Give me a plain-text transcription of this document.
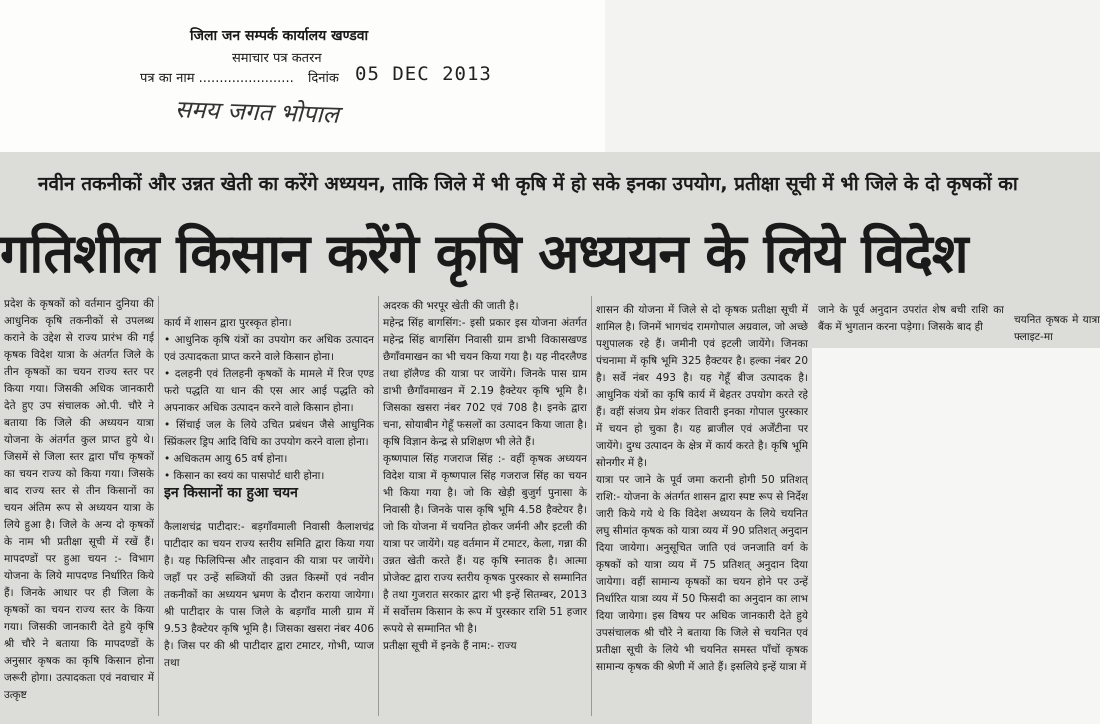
जिला जन सम्पर्क कार्यालय खण्डवा
समाचार पत्र कतरन
पत्र का नाम ....................... दिनांक 05 DEC 2013
समय जगत भोपाल
नवीन तकनीकों और उन्नत खेती का करेंगे अध्ययन, ताकि जिले में भी कृषि में हो सके इनका उपयोग, प्रतीक्षा सूची में भी जिले के दो कृषकों का
गतिशील किसान करेंगे कृषि अध्ययन के लिये विदेश
प्रदेश के कृषकों को वर्तमान दुनिया की आधुनिक कृषि तकनीकों से उपलब्ध कराने के उद्देश से राज्य प्रारंभ की गई कृषक विदेश यात्रा के अंतर्गत जिले के तीन कृषकों का चयन राज्य स्तर पर किया गया। जिसकी अधिक जानकारी देते हुए उप संचालक ओ.पी. चौरे ने बताया कि जिले की अध्ययन यात्रा योजना के अंतर्गत कुल प्राप्त हुये थे। जिसमें से जिला स्तर द्वारा पाँच कृषकों का चयन राज्य को किया गया। जिसके बाद राज्य स्तर से तीन किसानों का चयन अंतिम रूप से अध्ययन यात्रा के लिये हुआ है। जिले के अन्य दो कृषकों के नाम भी प्रतीक्षा सूची में रखें हैं। मापदण्डों पर हुआ चयन :- विभाग योजना के लिये मापदण्ड निर्धारित किये हैं। जिनके आधार पर ही जिला के कृषकों का चयन राज्य स्तर के किया गया। जिसकी जानकारी देते हुये कृषि श्री चौरे ने बताया कि मापदण्डों के अनुसार कृषक का कृषि किसान होना जरूरी होगा। उत्पादकता एवं नवाचार में उत्कृष्ट

कार्य में शासन द्वारा पुरस्कृत होना।
• आधुनिक कृषि यंत्रों का उपयोग कर अधिक उत्पादन एवं उत्पादकता प्राप्त करने वाले किसान होना।
• दलहनी एवं तिलहनी कृषकों के मामले में रिज एण्ड फरो पद्धति या धान की एस आर आई पद्धति को अपनाकर अधिक उत्पादन करने वाले किसान होना।
• सिंचाई जल के लिये उचित प्रबंधन जैसे आधुनिक स्प्रिंकलर ड्रिप आदि विधि का उपयोग करने वाला होना।
• अधिकतम आयु 65 वर्ष होना।
• किसान का स्वयं का पासपोर्ट धारी होना।

इन किसानों का हुआ चयन

कैलाशचंद्र पाटीदार:- बड़गाँवमाली निवासी कैलाशचंद्र पाटीदार का चयन राज्य स्तरीय समिति द्वारा किया गया है। यह फिलिपिन्स और ताइवान की यात्रा पर जायेंगे। जहाँ पर उन्हें सब्जियों की उन्नत किस्मों एवं नवीन तकनीकों का अध्ययन भ्रमण के दौरान कराया जायेगा। श्री पाटीदार के पास जिले के बड़गाँव माली ग्राम में 9.53 हैक्टेयर कृषि भूमि है। जिसका खसरा नंबर 406 है। जिस पर की श्री पाटीदार द्वारा टमाटर, गोभी, प्याज तथा

अदरक की भरपूर खेती की जाती है।
महेन्द्र सिंह बागसिंग:- इसी प्रकार इस योजना अंतर्गत महेन्द्र सिंह बागसिंग निवासी ग्राम डाभी विकासखण्ड छैगाँवमाखन का भी चयन किया गया है। यह नीदरलैण्ड तथा हॉलैण्ड की यात्रा पर जायेंगे। जिनके पास ग्राम डाभी छैगाँवमाखन में 2.19 हैक्टेयर कृषि भूमि है। जिसका खसरा नंबर 702 एवं 708 है। इनके द्वारा चना, सोयाबीन गेहूँ फसलों का उत्पादन किया जाता है। कृषि विज्ञान केन्द्र से प्रशिक्षण भी लेते हैं।
कृष्णपाल सिंह गजराज सिंह :- वहीं कृषक अध्ययन विदेश यात्रा में कृष्णपाल सिंह गजराज सिंह का चयन भी किया गया है। जो कि खेड़ी बुजुर्ग पुनासा के निवासी है। जिनके पास कृषि भूमि 4.58 हैक्टेयर है। जो कि योजना में चयनित होकर जर्मनी और इटली की यात्रा पर जायेंगे। यह वर्तमान में टमाटर, केला, गन्ना की उन्नत खेती करते हैं। यह कृषि स्नातक है। आत्मा प्रोजेक्ट द्वारा राज्य स्तरीय कृषक पुरस्कार से सम्मानित है तथा गुजरात सरकार द्वारा भी इन्हें सितम्बर, 2013 में सर्वोत्तम किसान के रूप में पुरस्कार राशि 51 हजार रूपये से सम्मानित भी है।
प्रतीक्षा सूची में इनके हैं नाम:- राज्य
शासन की योजना में जिले से दो कृषक प्रतीक्षा सूची में शामिल है। जिनमें भागचंद रामगोपाल अग्रवाल, जो अच्छे पशुपालक रहे हैं। जमीनी एवं इटली जायेंगे। जिनका पंचनामा में कृषि भूमि 325 हैक्टयर है। हल्का नंबर 20 है। सर्वे नंबर 493 है। यह गेहूँ बीज उत्पादक है। आधुनिक यंत्रों का कृषि कार्य में बेहतर उपयोग करते रहे हैं। वहीं संजय प्रेम शंकर तिवारी इनका गोपाल पुरस्कार में चयन हो चुका है। यह ब्राजील एवं अर्जेंटीना पर जायेंगे। दुग्ध उत्पादन के क्षेत्र में कार्य करते है। कृषि भूमि सोनगीर में है।
यात्रा पर जाने के पूर्व जमा करानी होगी 50 प्रतिशत् राशि:- योजना के अंतर्गत शासन द्वारा स्पष्ट रूप से निर्देश जारी किये गये थे कि विदेश अध्ययन के लिये चयनित लघु सीमांत कृषक को यात्रा व्यय में 90 प्रतिशत् अनुदान दिया जायेगा। अनुसूचित जाति एवं जनजाति वर्ग के कृषकों को यात्रा व्यय में 75 प्रतिशत् अनुदान दिया जायेगा। वहीं सामान्य कृषकों का चयन होने पर उन्हें निर्धारित यात्रा व्यय में 50 फिसदी का अनुदान का लाभ दिया जायेगा। इस विषय पर अधिक जानकारी देते हुये उपसंचालक श्री चौरे ने बताया कि जिले से चयनित एवं प्रतीक्षा सूची के लिये भी चयनित समस्त पाँचों कृषक सामान्य कृषक की श्रेणी में आते हैं। इसलिये इन्हें यात्रा में
जाने के पूर्व अनुदान उपरांत शेष बची राशि का बैंक में भुगतान करना पड़ेगा। जिसके बाद ही
चयनित कृषक मे यात्रा फ्लाइट-मा
